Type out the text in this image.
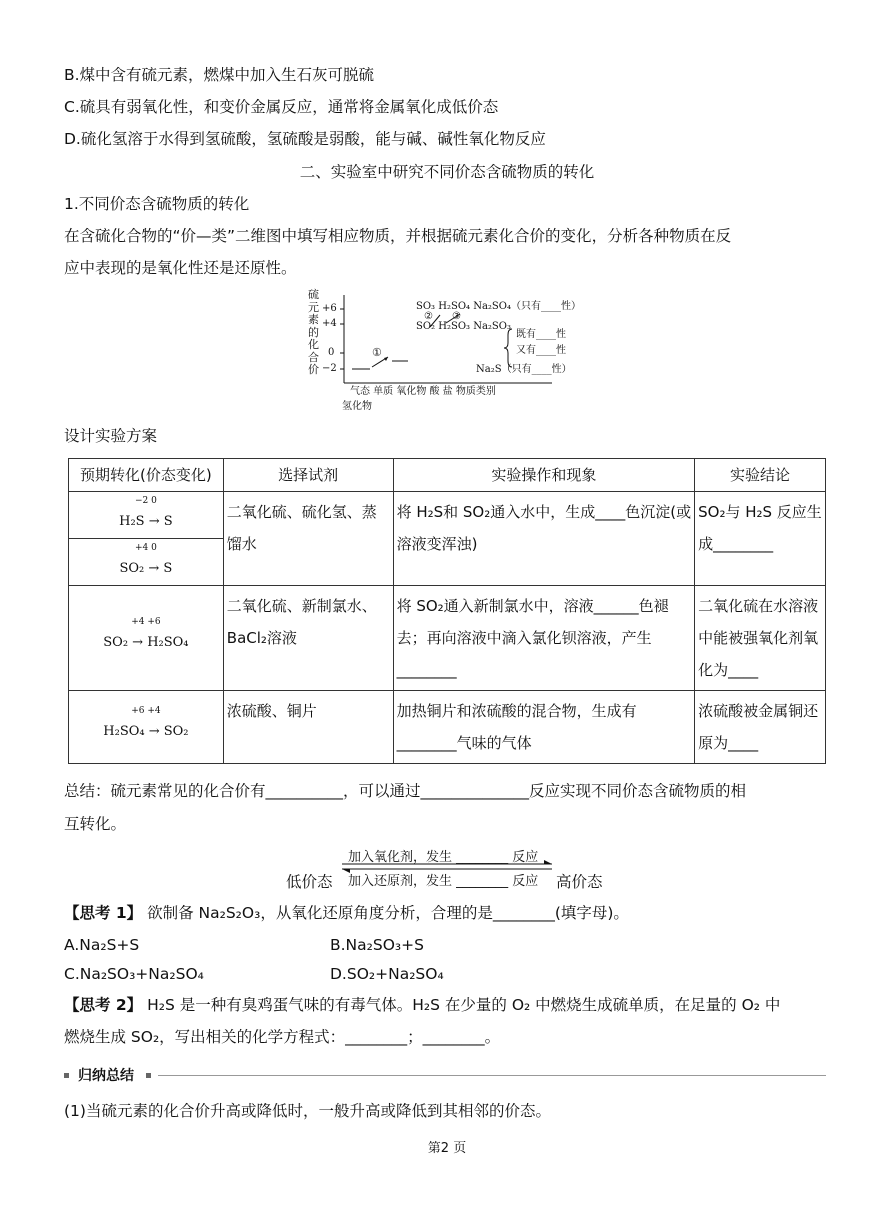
B.煤中含有硫元素，燃煤中加入生石灰可脱硫
C.硫具有弱氧化性，和变价金属反应，通常将金属氧化成低价态
D.硫化氢溶于水得到氢硫酸，氢硫酸是弱酸，能与碱、碱性氧化物反应
二、实验室中研究不同价态含硫物质的转化
1.不同价态含硫物质的转化
在含硫化合物的“价—类”二维图中填写相应物质，并根据硫元素化合价的变化，分析各种物质在反
应中表现的是氧化性还是还原性。
硫
元
素
的
化
合
价
+6
+4
0
−2
SO₃ H₂SO₄ Na₂SO₄（只有____性）
② ③
SO₂ H₂SO₃ Na₂SO₃
既有____性
又有____性
①
Na₂S（只有____性）
气态 单质 氧化物 酸 盐 物质类别
氢化物
设计实验方案
预期转化(价态变化)	选择试剂	实验操作和现象	实验结论

−2 0
H₂S → S
+4 0
SO₂ → S	二氧化硫、硫化氢、蒸馏水	将 H₂S和 SO₂通入水中，生成____色沉淀(或溶液变浑浊)	SO₂与 H₂S 反应生成________

+4 +6
SO₂ → H₂SO₄	二氧化硫、新制氯水、BaCl₂溶液	将 SO₂通入新制氯水中，溶液______色褪去；再向溶液中滴入氯化钡溶液，产生________	二氧化硫在水溶液中能被强氧化剂氧化为____

+6 +4
H₂SO₄ → SO₂	浓硫酸、铜片	加热铜片和浓硫酸的混合物，生成有________气味的气体	浓硫酸被金属铜还原为____
总结：硫元素常见的化合价有__________，可以通过______________反应实现不同价态含硫物质的相
互转化。
低价态
加入氧化剂，发生 ________ 反应
加入还原剂，发生 ________ 反应 高价态
【思考 1】 欲制备 Na₂S₂O₃，从氧化还原角度分析，合理的是________(填字母)。
A.Na₂S+S	B.Na₂SO₃+S
C.Na₂SO₃+Na₂SO₄	D.SO₂+Na₂SO₄
【思考 2】 H₂S 是一种有臭鸡蛋气味的有毒气体。H₂S 在少量的 O₂ 中燃烧生成硫单质，在足量的 O₂ 中
燃烧生成 SO₂，写出相关的化学方程式：________；________。
归纳总结
(1)当硫元素的化合价升高或降低时，一般升高或降低到其相邻的价态。
第2 页
